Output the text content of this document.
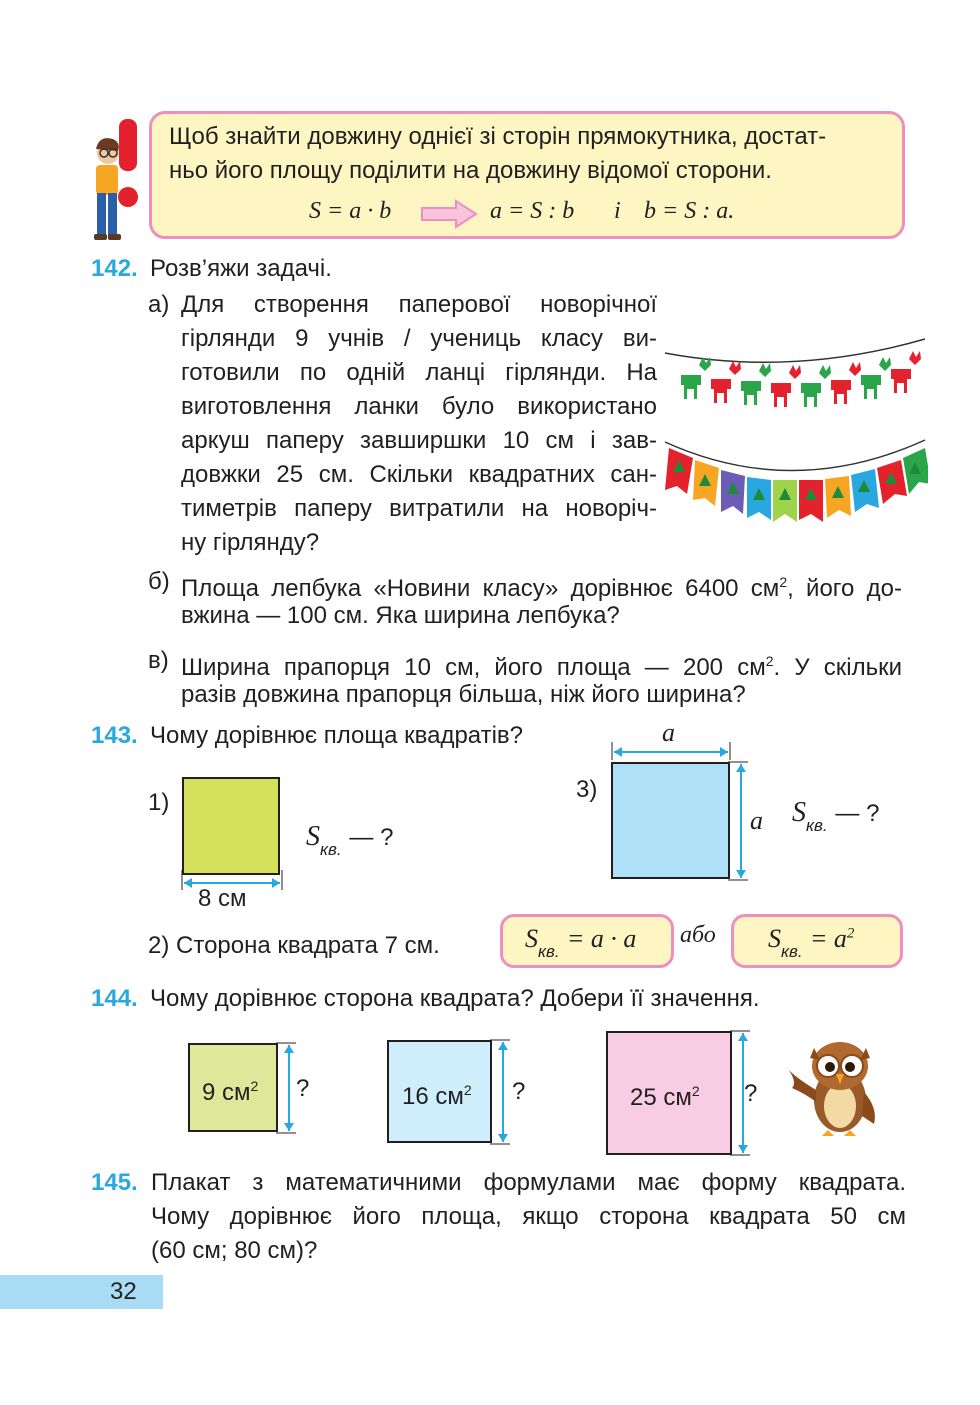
Щоб знайти довжину однієї зі сторін прямокутника, достат-
ньо його площу поділити на довжину відомої сторони.
S = a · b	a = S : b і b = S : a.
142. Розв’яжи задачі.
а) Для створення паперової новорічної
гірлянди 9 учнів / учениць класу ви-
готовили по одній ланці гірлянди. На
виготовлення ланки було використано
аркуш паперу завширшки 10 см і зав-
довжки 25 см. Скільки квадратних сан-
тиметрів паперу витратили на новоріч-
ну гірлянду?
б) Площа лепбука «Новини класу» дорівнює 6400 $см^2$, його до-
вжина — 100 см. Яка ширина лепбука?
в) Ширина прапорця 10 см, його площа — 200 $см^2$. У скільки
разів довжина прапорця більша, ніж його ширина?
143. Чому дорівнює площа квадратів?
1)
8 см
$S_{кв.}$ — ?
2) Сторона квадрата 7 см.
3)
a
a $S_{кв.}$ — ?
$S_{кв.} = a \cdot a$ або $S_{кв.} = a^2$
144. Чому дорівнює сторона квадрата? Добери її значення.
9 $см^2$ ?	16 $см^2$ ?	25 $см^2$ ?
145. Плакат з математичними формулами має форму квадрата.
Чому дорівнює його площа, якщо сторона квадрата 50 см
(60 см; 80 см)?
32
